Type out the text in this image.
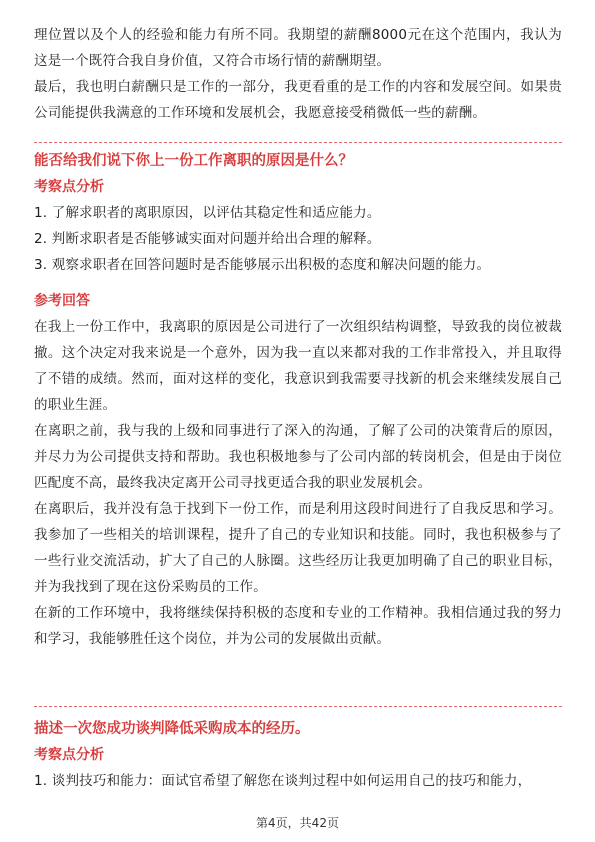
理位置以及个人的经验和能力有所不同。我期望的薪酬8000元在这个范围内，我认为这是一个既符合我自身价值，又符合市场行情的薪酬期望。

最后，我也明白薪酬只是工作的一部分，我更看重的是工作的内容和发展空间。如果贵公司能提供我满意的工作环境和发展机会，我愿意接受稍微低一些的薪酬。

能否给我们说下你上一份工作离职的原因是什么？

考察点分析

1. 了解求职者的离职原因，以评估其稳定性和适应能力。

2. 判断求职者是否能够诚实面对问题并给出合理的解释。

3. 观察求职者在回答问题时是否能够展示出积极的态度和解决问题的能力。

参考回答

在我上一份工作中，我离职的原因是公司进行了一次组织结构调整，导致我的岗位被裁撤。这个决定对我来说是一个意外，因为我一直以来都对我的工作非常投入，并且取得了不错的成绩。然而，面对这样的变化，我意识到我需要寻找新的机会来继续发展自己的职业生涯。

在离职之前，我与我的上级和同事进行了深入的沟通，了解了公司的决策背后的原因，并尽力为公司提供支持和帮助。我也积极地参与了公司内部的转岗机会，但是由于岗位匹配度不高，最终我决定离开公司寻找更适合我的职业发展机会。

在离职后，我并没有急于找到下一份工作，而是利用这段时间进行了自我反思和学习。我参加了一些相关的培训课程，提升了自己的专业知识和技能。同时，我也积极参与了一些行业交流活动，扩大了自己的人脉圈。这些经历让我更加明确了自己的职业目标，并为我找到了现在这份采购员的工作。

在新的工作环境中，我将继续保持积极的态度和专业的工作精神。我相信通过我的努力和学习，我能够胜任这个岗位，并为公司的发展做出贡献。

描述一次您成功谈判降低采购成本的经历。

考察点分析

1. 谈判技巧和能力：面试官希望了解您在谈判过程中如何运用自己的技巧和能力，

第4页，共42页
